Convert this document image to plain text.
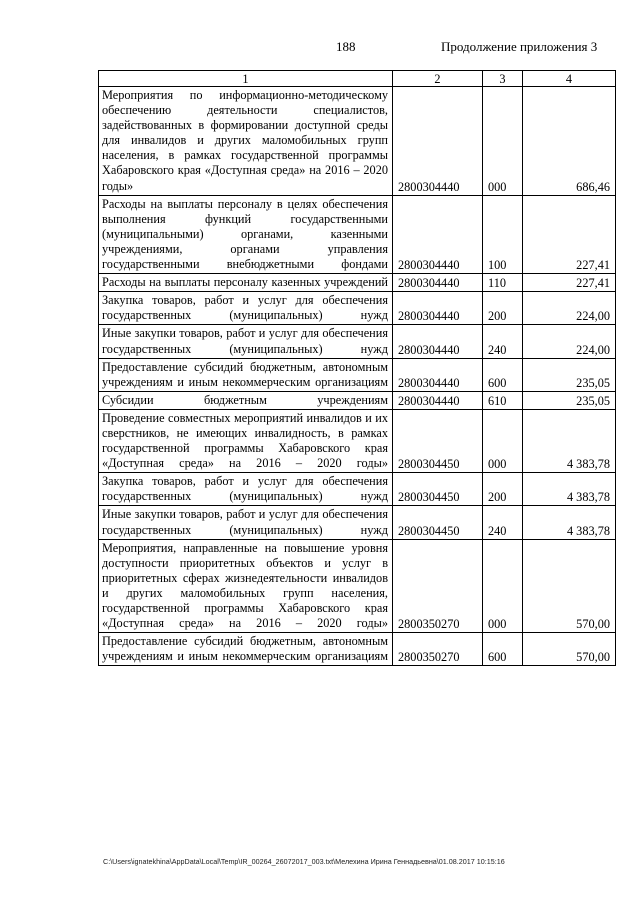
188	Продолжение приложения 3
1	2	3	4
Мероприятия по информационно-методическому обеспечению деятельности специалистов, задействованных в формировании доступной среды для инвалидов и других маломобильных групп населения, в рамках государственной программы Хабаровского края «Доступная среда» на 2016 – 2020 годы»	2800304440	000	686,46
Расходы на выплаты персоналу в целях обеспечения выполнения функций государственными (муниципальными) органами, казенными учреждениями, органами управления государственными внебюджетными фондами	2800304440	100	227,41
Расходы на выплаты персоналу казенных учреждений	2800304440	110	227,41
Закупка товаров, работ и услуг для обеспечения государственных (муниципальных) нужд	2800304440	200	224,00
Иные закупки товаров, работ и услуг для обеспечения государственных (муниципальных) нужд	2800304440	240	224,00
Предоставление субсидий бюджетным, автономным учреждениям и иным некоммерческим организациям	2800304440	600	235,05
Субсидии бюджетным учреждениям	2800304440	610	235,05
Проведение совместных мероприятий инвалидов и их сверстников, не имеющих инвалидность, в рамках государственной программы Хабаровского края «Доступная среда» на 2016 – 2020 годы»	2800304450	000	4 383,78
Закупка товаров, работ и услуг для обеспечения государственных (муниципальных) нужд	2800304450	200	4 383,78
Иные закупки товаров, работ и услуг для обеспечения государственных (муниципальных) нужд	2800304450	240	4 383,78
Мероприятия, направленные на повышение уровня доступности приоритетных объектов и услуг в приоритетных сферах жизнедеятельности инвалидов и других маломобильных групп населения, государственной программы Хабаровского края «Доступная среда» на 2016 – 2020 годы»	2800350270	000	570,00
Предоставление субсидий бюджетным, автономным учреждениям и иным некоммерческим организациям	2800350270	600	570,00
C:\Users\ignatekhina\AppData\Local\Temp\IR_00264_26072017_003.txt\Мелехина Ирина Геннадьевна\01.08.2017 10:15:16
